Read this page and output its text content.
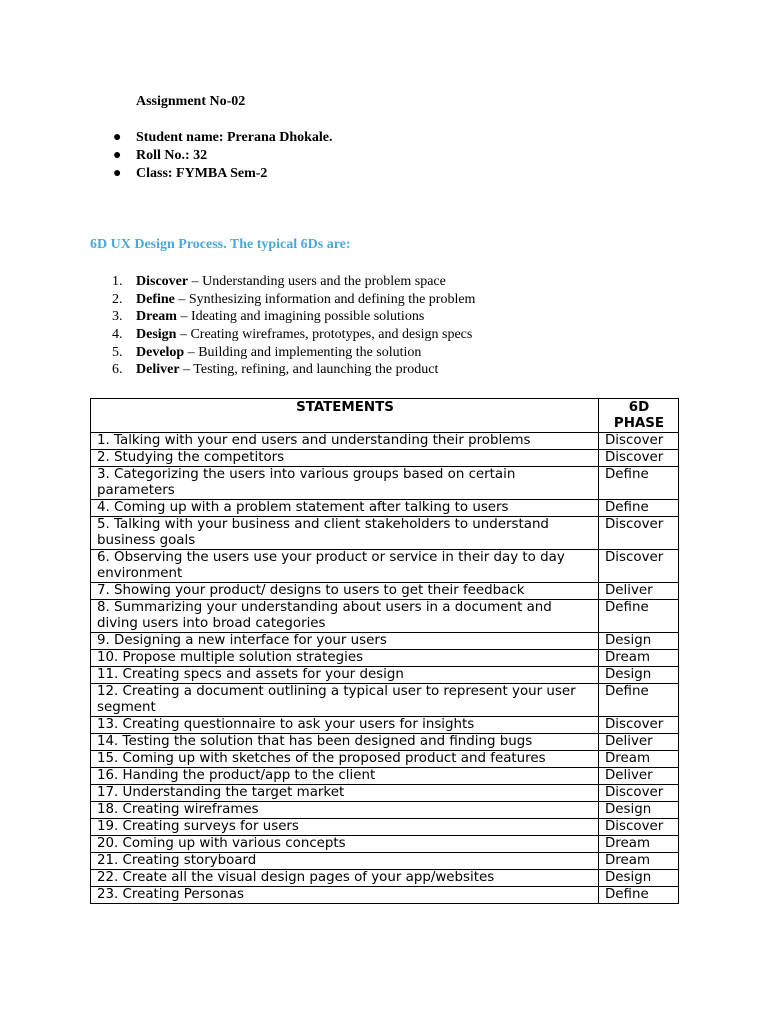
Assignment No-02
● Student name: Prerana Dhokale.
● Roll No.: 32
● Class: FYMBA Sem-2
6D UX Design Process. The typical 6Ds are:
1. Discover – Understanding users and the problem space
2. Define – Synthesizing information and defining the problem
3. Dream – Ideating and imagining possible solutions
4. Design – Creating wireframes, prototypes, and design specs
5. Develop – Building and implementing the solution
6. Deliver – Testing, refining, and launching the product
STATEMENTS	6D PHASE
1. Talking with your end users and understanding their problems	Discover
2. Studying the competitors	Discover
3. Categorizing the users into various groups based on certain parameters	Define
4. Coming up with a problem statement after talking to users	Define
5. Talking with your business and client stakeholders to understand business goals	Discover
6. Observing the users use your product or service in their day to day environment	Discover
7. Showing your product/ designs to users to get their feedback	Deliver
8. Summarizing your understanding about users in a document and diving users into broad categories	Define
9. Designing a new interface for your users	Design
10. Propose multiple solution strategies	Dream
11. Creating specs and assets for your design	Design
12. Creating a document outlining a typical user to represent your user segment	Define
13. Creating questionnaire to ask your users for insights	Discover
14. Testing the solution that has been designed and finding bugs	Deliver
15. Coming up with sketches of the proposed product and features	Dream
16. Handing the product/app to the client	Deliver
17. Understanding the target market	Discover
18. Creating wireframes	Design
19. Creating surveys for users	Discover
20. Coming up with various concepts	Dream
21. Creating storyboard	Dream
22. Create all the visual design pages of your app/websites	Design
23. Creating Personas	Define
